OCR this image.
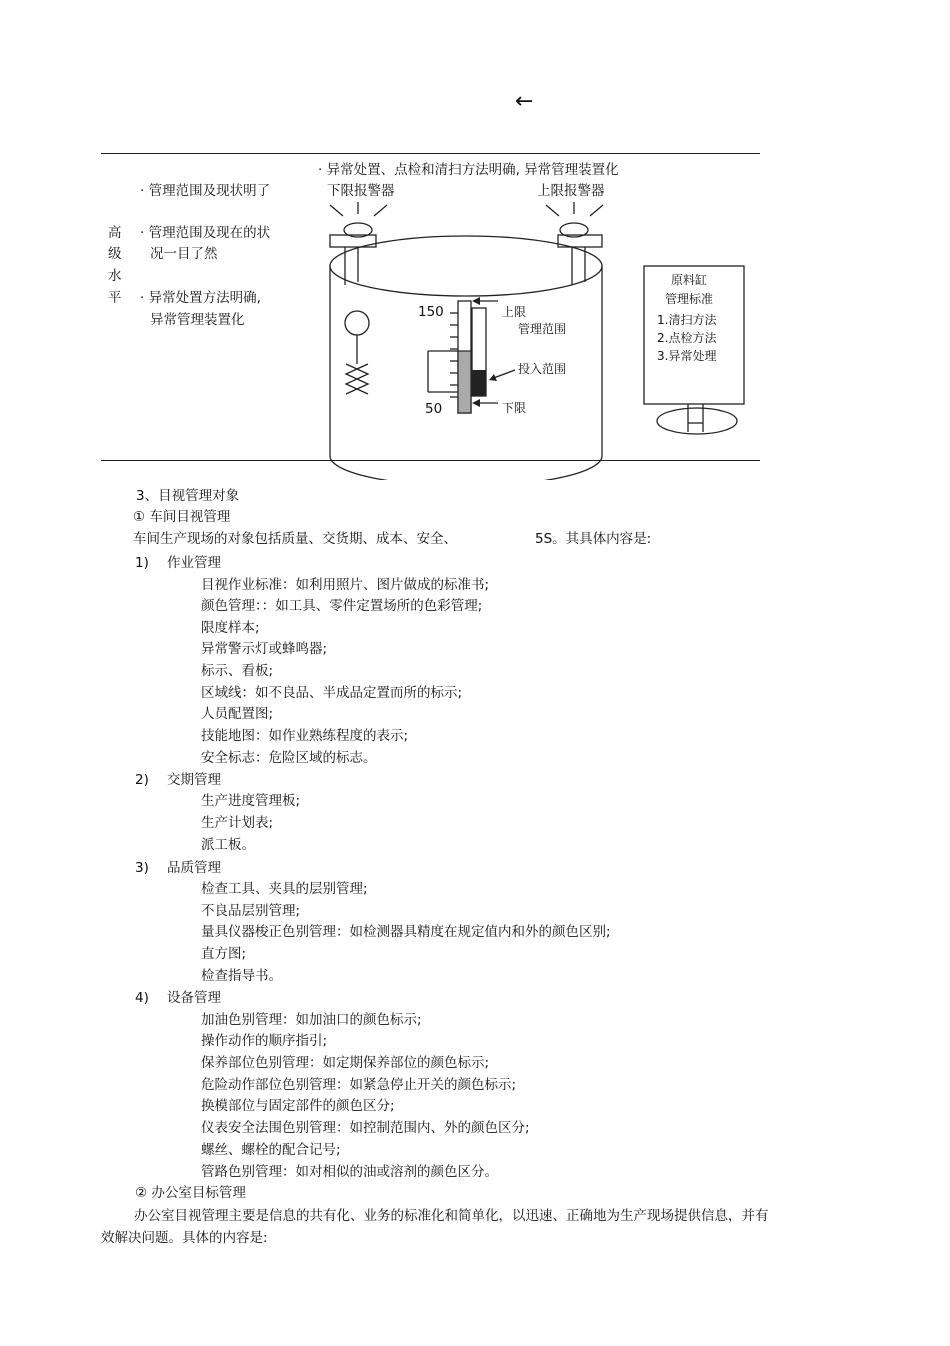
←
· 异常处置、点检和清扫方法明确, 异常管理装置化
· 管理范围及现状明了	下限报警器	上限报警器
高
级
水
平
· 管理范围及现在的状
况一目了然
· 异常处置方法明确,
异常管理装置化	150
50
上限
管理范围
投入范围
下限
原料缸
管理标准
1.清扫方法
2.点检方法
3.异常处理
3、目视管理对象
① 车间目视管理
车间生产现场的对象包括质量、交货期、成本、安全、	5S。其具体内容是:
1) 作业管理
目视作业标准：如利用照片、图片做成的标准书;
颜色管理：：如工具、零件定置场所的色彩管理;
限度样本;
异常警示灯或蜂鸣器;
标示、看板;
区域线：如不良品、半成品定置而所的标示;
人员配置图;
技能地图：如作业熟练程度的表示;
安全标志：危险区域的标志。
2) 交期管理
生产进度管理板;
生产计划表;
派工板。
3) 品质管理
检查工具、夹具的层别管理;
不良品层别管理;
量具仪器梭正色别管理：如检测器具精度在规定值内和外的颜色区别;
直方图;
检查指导书。
4) 设备管理
加油色别管理：如加油口的颜色标示;
操作动作的顺序指引;
保养部位色别管理：如定期保养部位的颜色标示;
危险动作部位色别管理：如紧急停止开关的颜色标示;
换模部位与固定部件的颜色区分;
仪表安全法围色别管理：如控制范围内、外的颜色区分;
螺丝、螺栓的配合记号;
管路色别管理：如对相似的油或溶剂的颜色区分。
② 办公室目标管理
办公室目视管理主要是信息的共有化、业务的标准化和简单化，以迅速、正确地为生产现场提供信息，并有效解决问题。具体的内容是:
